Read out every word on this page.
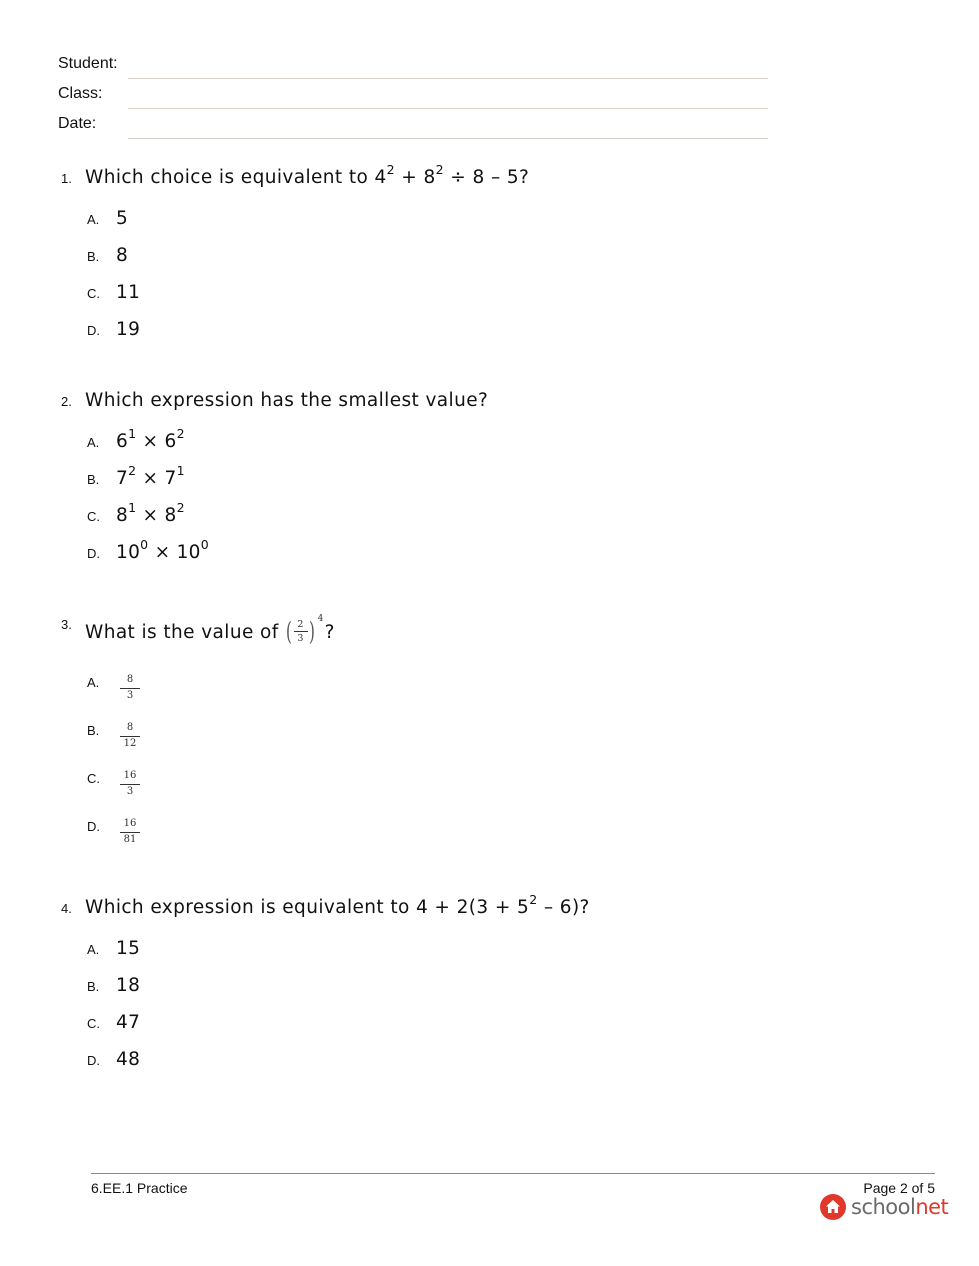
Student:
Class:
Date:
1. Which choice is equivalent to $4^2 + 8^2 \div 8 - 5$?
A. 5
B. 8
C. 11
D. 19
2. Which expression has the smallest value?
A. $6^1 \times 6^2$
B. $7^2 \times 7^1$
C. $8^1 \times 8^2$
D. $10^0 \times 10^0$
3. What is the value of ( 2
3 ) 4
?
A.	8
3
B.	8
12
C.	16
3
D.	16
81
4. Which expression is equivalent to $4 + 2(3 + 5^2 - 6)$?
A. 15
B. 18
C. 47
D. 48
6.EE.1 Practice	Page 2 of 5
schoolnet
